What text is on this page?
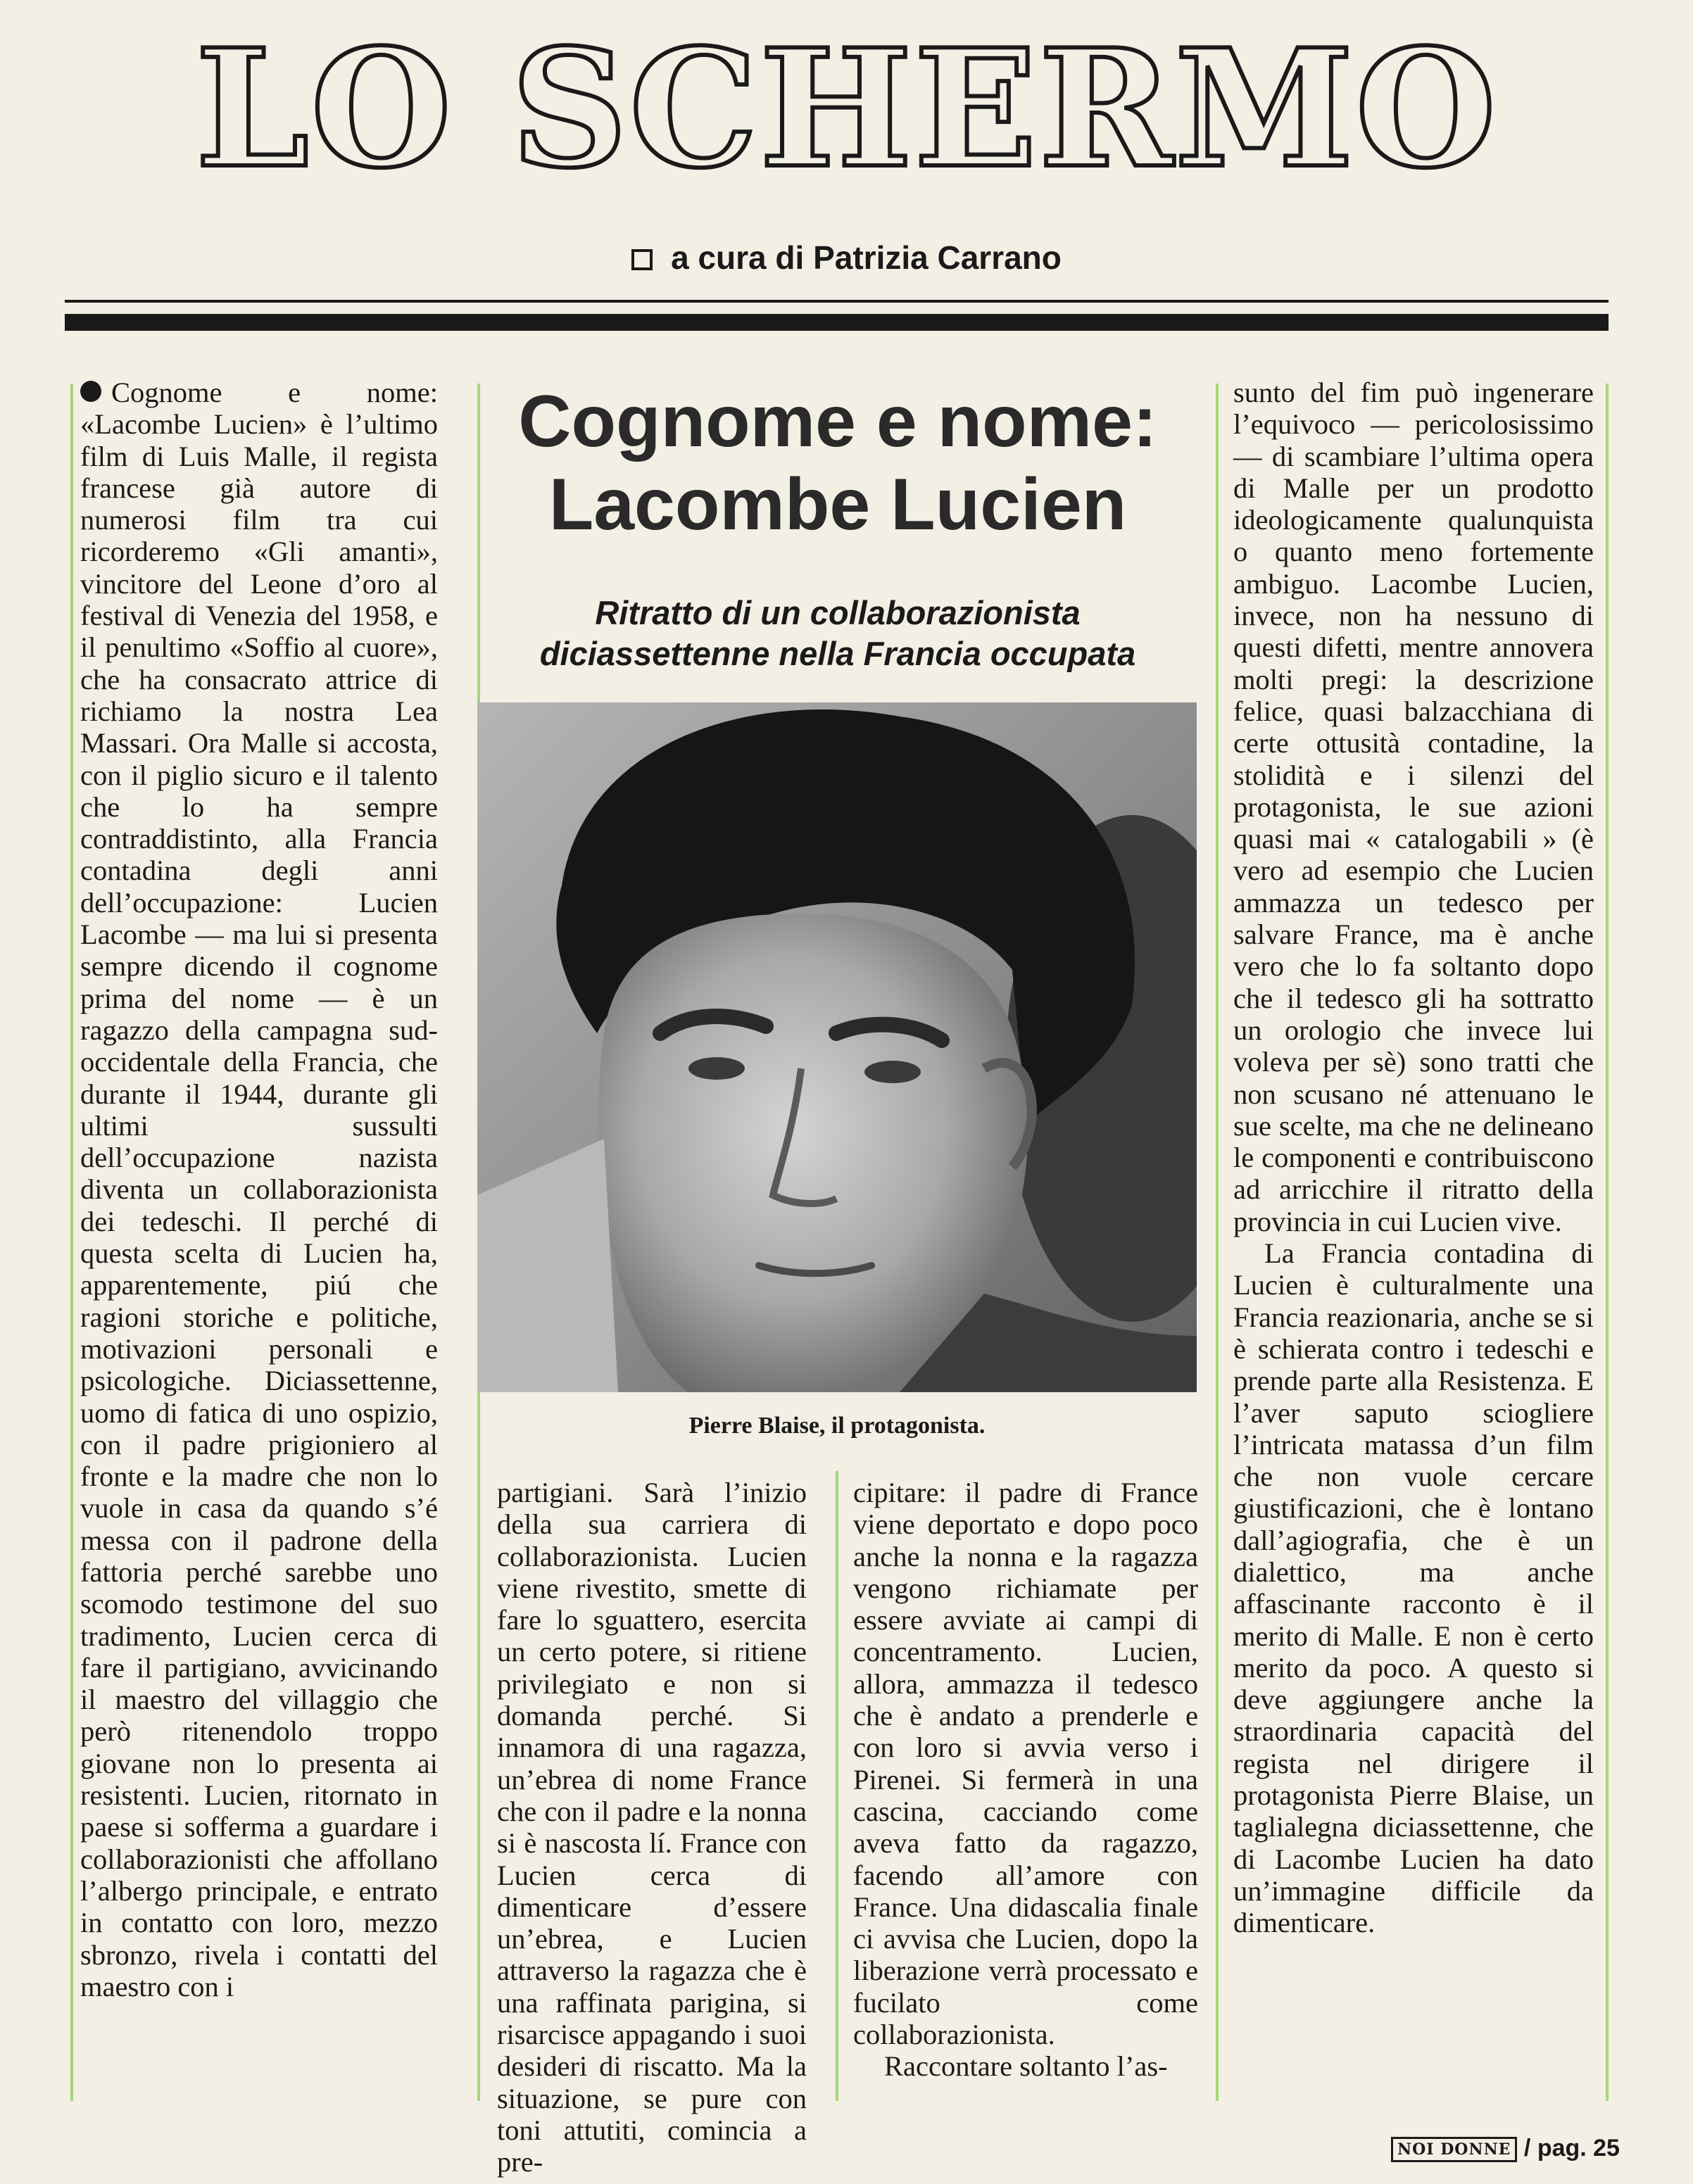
LO SCHERMO
a cura di Patrizia Carrano

Cognome e nome: «Lacombe Lucien» è l’ultimo film di Luis Malle, il regista francese già autore di numerosi film tra cui ricorderemo «Gli amanti», vincitore del Leone d’oro al festival di Venezia del 1958, e il penultimo «Soffio al cuore», che ha consacrato attrice di richiamo la nostra Lea Massari. Ora Malle si accosta, con il piglio sicuro e il talento che lo ha sempre contraddistinto, alla Francia contadina degli anni dell’occupazione: Lucien Lacombe — ma lui si presenta sempre dicendo il cognome prima del nome — è un ragazzo della campagna sud-occidentale della Francia, che durante il 1944, durante gli ultimi sussulti dell’occupazione nazista diventa un collaborazionista dei tedeschi. Il perché di questa scelta di Lucien ha, apparentemente, piú che ragioni storiche e politiche, motivazioni personali e psicologiche. Diciassettenne, uomo di fatica di uno ospizio, con il padre prigioniero al fronte e la madre che non lo vuole in casa da quando s’é messa con il padrone della fattoria perché sarebbe uno scomodo testimone del suo tradimento, Lucien cerca di fare il partigiano, avvicinando il maestro del villaggio che però ritenendolo troppo giovane non lo presenta ai resistenti. Lucien, ritornato in paese si sofferma a guardare i collaborazionisti che affollano l’albergo principale, e entrato in contatto con loro, mezzo sbronzo, rivela i contatti del maestro con i

Cognome e nome:
Lacombe Lucien
Ritratto di un collaborazionista
diciassettenne nella Francia occupata

Pierre Blaise, il protagonista.

partigiani. Sarà l’inizio della sua carriera di collaborazionista. Lucien viene rivestito, smette di fare lo sguattero, esercita un certo potere, si ritiene privilegiato e non si domanda perché. Si innamora di una ragazza, un’ebrea di nome France che con il padre e la nonna si è nascosta lí. France con Lucien cerca di dimenticare d’essere un’ebrea, e Lucien attraverso la ragazza che è una raffinata parigina, si risarcisce appagando i suoi desideri di riscatto. Ma la situazione, se pure con toni attutiti, comincia a pre-

cipitare: il padre di France viene deportato e dopo poco anche la nonna e la ragazza vengono richiamate per essere avviate ai campi di concentramento. Lucien, allora, ammazza il tedesco che è andato a prenderle e con loro si avvia verso i Pirenei. Si fermerà in una cascina, cacciando come aveva fatto da ragazzo, facendo all’amore con France. Una didascalia finale ci avvisa che Lucien, dopo la liberazione verrà processato e fucilato come collaborazionista.

Raccontare soltanto l’as-

sunto del fim può ingenerare l’equivoco — pericolosissimo — di scambiare l’ultima opera di Malle per un prodotto ideologicamente qualunquista o quanto meno fortemente ambiguo. Lacombe Lucien, invece, non ha nessuno di questi difetti, mentre annovera molti pregi: la descrizione felice, quasi balzacchiana di certe ottusità contadine, la stolidità e i silenzi del protagonista, le sue azioni quasi mai « catalogabili » (è vero ad esempio che Lucien ammazza un tedesco per salvare France, ma è anche vero che lo fa soltanto dopo che il tedesco gli ha sottratto un orologio che invece lui voleva per sè) sono tratti che non scusano né attenuano le sue scelte, ma che ne delineano le componenti e contribuiscono ad arricchire il ritratto della provincia in cui Lucien vive.

La Francia contadina di Lucien è culturalmente una Francia reazionaria, anche se si è schierata contro i tedeschi e prende parte alla Resistenza. E l’aver saputo sciogliere l’intricata matassa d’un film che non vuole cercare giustificazioni, che è lontano dall’agiografia, che è un dialettico, ma anche affascinante racconto è il merito di Malle. E non è certo merito da poco. A questo si deve aggiungere anche la straordinaria capacità del regista nel dirigere il protagonista Pierre Blaise, un taglialegna diciassettenne, che di Lacombe Lucien ha dato un’immagine difficile da dimenticare.

NOI DONNE / pag. 25
